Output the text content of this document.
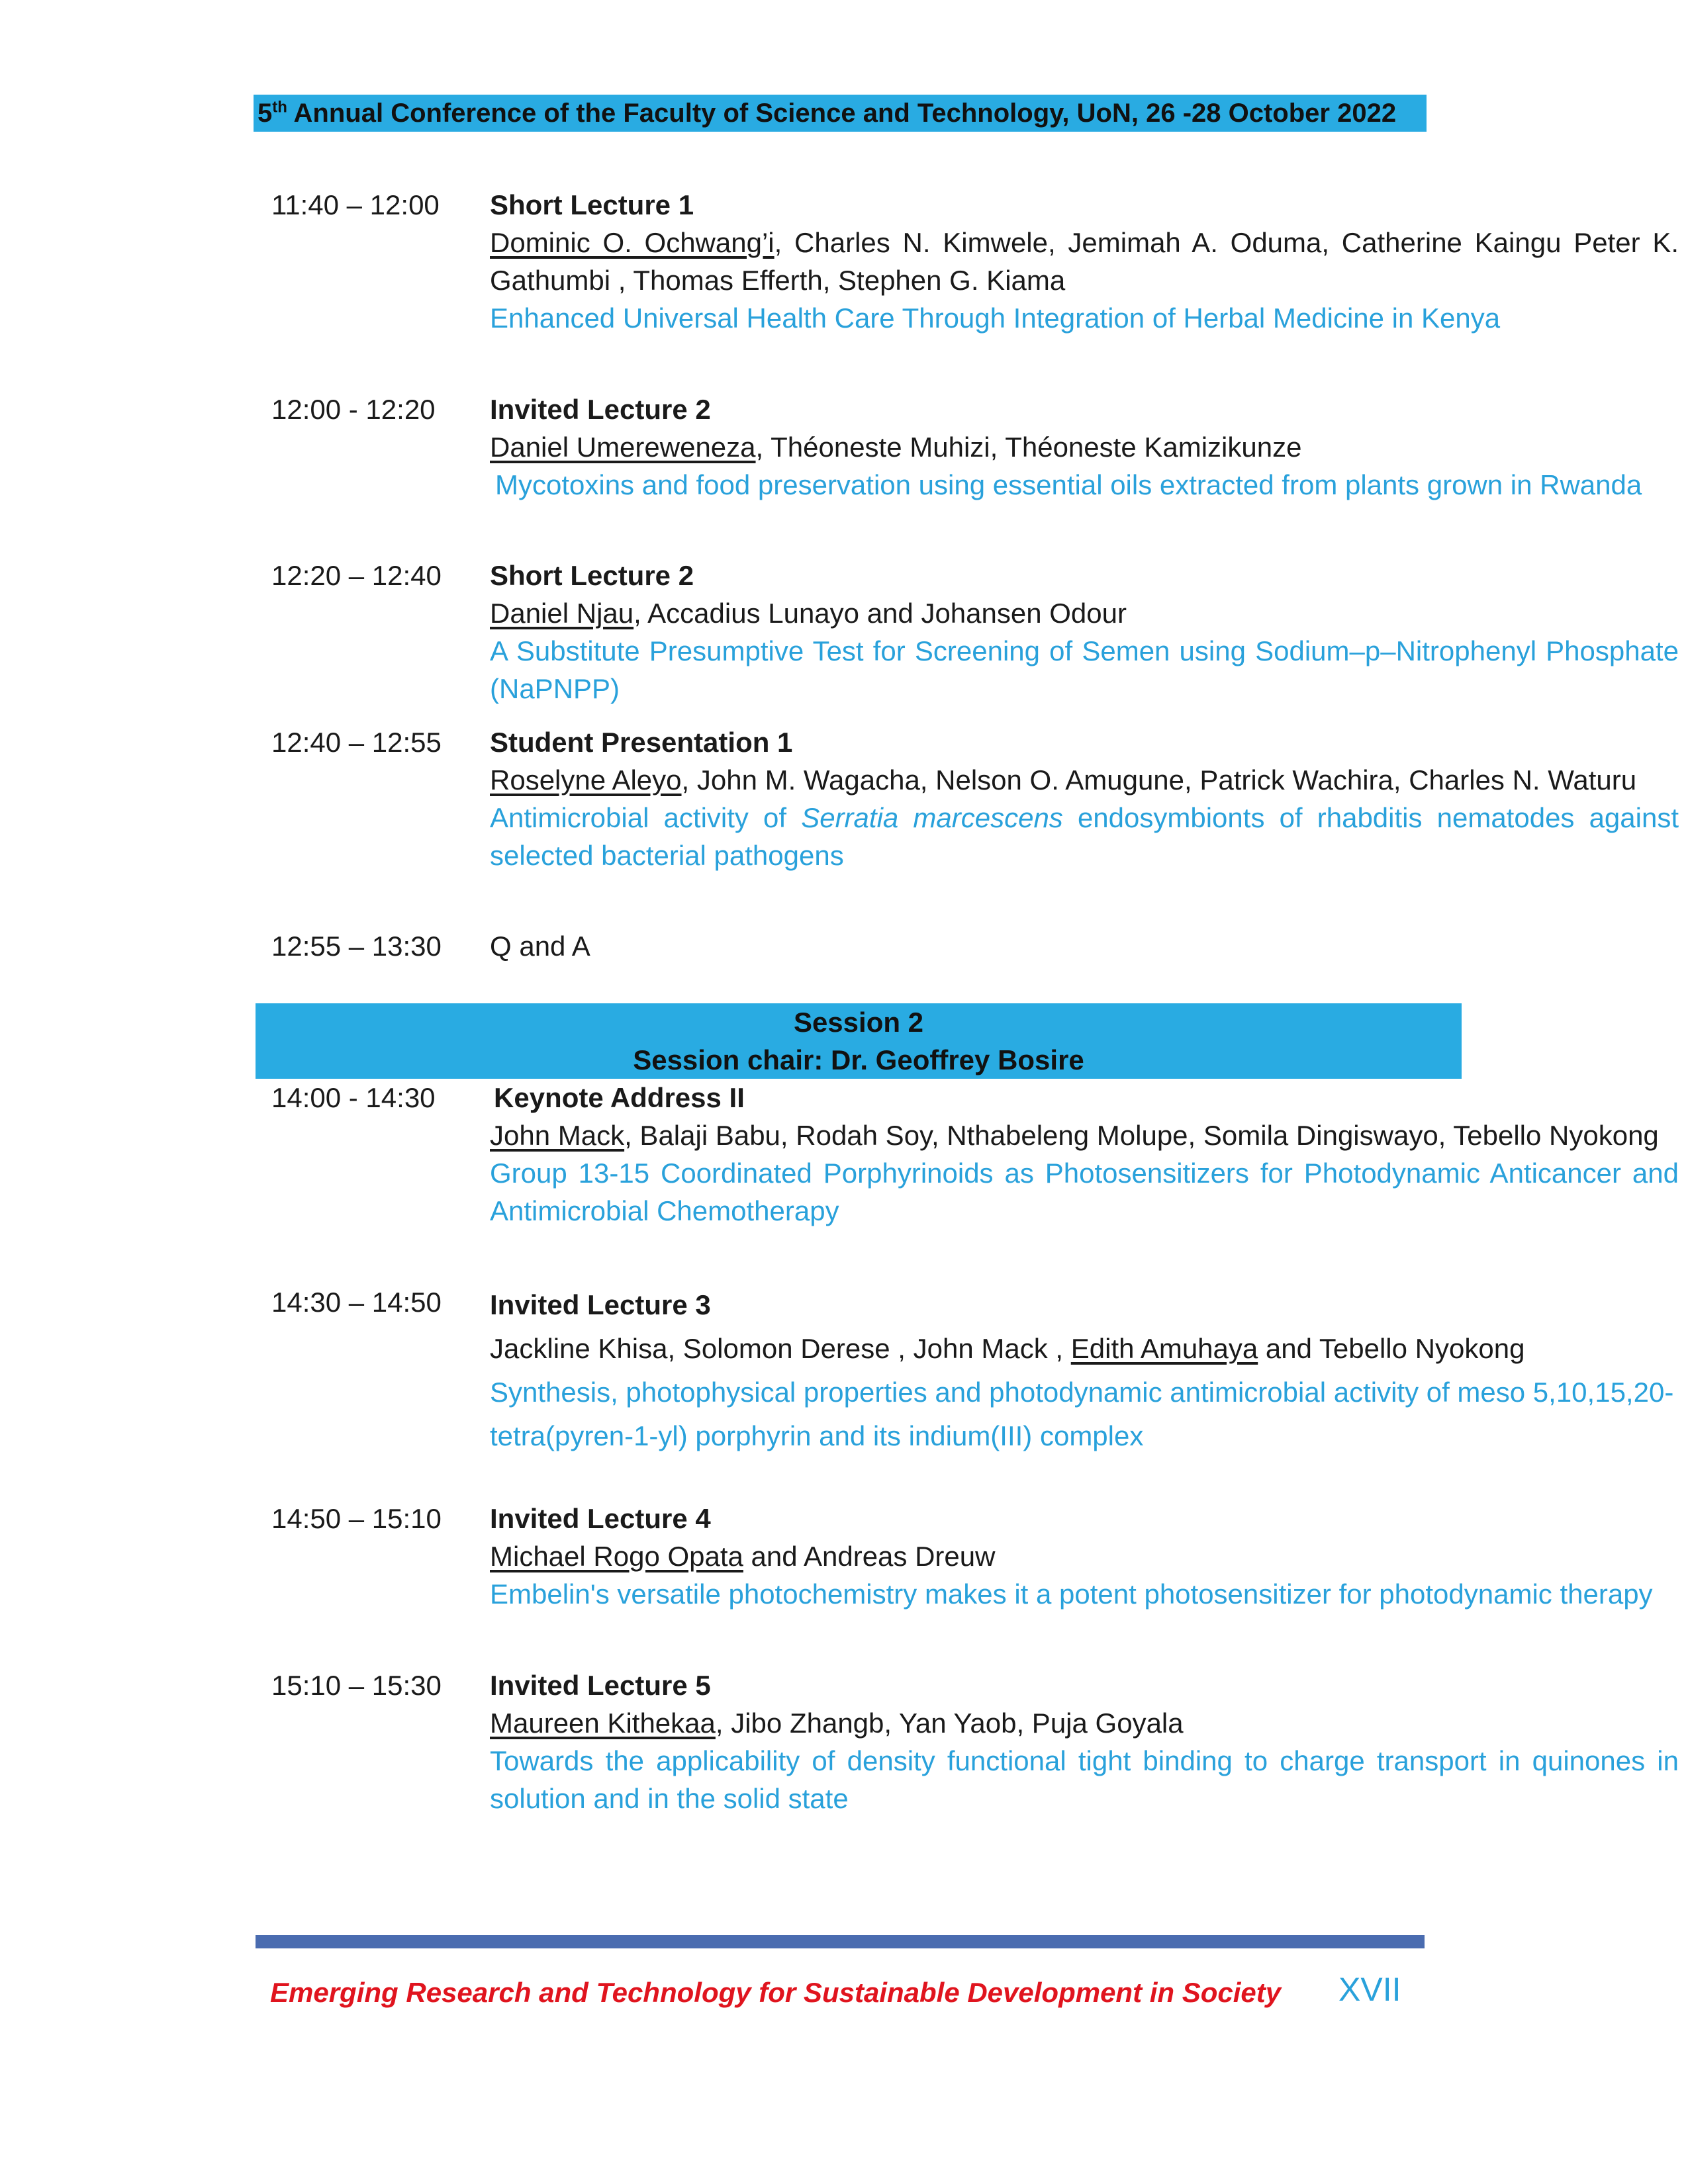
5th Annual Conference of the Faculty of Science and Technology, UoN, 26 -28 October 2022
11:40 – 12:00	Short Lecture 1
Dominic O. Ochwang’i, Charles N. Kimwele, Jemimah A. Oduma, Catherine Kaingu Peter K. Gathumbi , Thomas Efferth, Stephen G. Kiama
Enhanced Universal Health Care Through Integration of Herbal Medicine in Kenya
12:00 - 12:20	Invited Lecture 2
Daniel Umereweneza, Théoneste Muhizi, Théoneste Kamizikunze
Mycotoxins and food preservation using essential oils extracted from plants grown in Rwanda
12:20 – 12:40	Short Lecture 2
Daniel Njau, Accadius Lunayo and Johansen Odour
A Substitute Presumptive Test for Screening of Semen using Sodium–p–Nitrophenyl Phosphate (NaPNPP)
12:40 – 12:55	Student Presentation 1
Roselyne Aleyo, John M. Wagacha, Nelson O. Amugune, Patrick Wachira, Charles N. Waturu
Antimicrobial activity of Serratia marcescens endosymbionts of rhabditis nematodes against selected bacterial pathogens
12:55 – 13:30	Q and A
Session 2
Session chair: Dr. Geoffrey Bosire
14:00 - 14:30	Keynote Address II
John Mack, Balaji Babu, Rodah Soy, Nthabeleng Molupe, Somila Dingiswayo, Tebello Nyokong
Group 13-15 Coordinated Porphyrinoids as Photosensitizers for Photodynamic Anticancer and Antimicrobial Chemotherapy
14:30 – 14:50	Invited Lecture 3
Jackline Khisa, Solomon Derese , John Mack , Edith Amuhaya and Tebello Nyokong
Synthesis, photophysical properties and photodynamic antimicrobial activity of meso 5,10,15,20-tetra(pyren-1-yl) porphyrin and its indium(III) complex
14:50 – 15:10	Invited Lecture 4
Michael Rogo Opata and Andreas Dreuw
Embelin's versatile photochemistry makes it a potent photosensitizer for photodynamic therapy
15:10 – 15:30	Invited Lecture 5
Maureen Kithekaa, Jibo Zhangb, Yan Yaob, Puja Goyala
Towards the applicability of density functional tight binding to charge transport in quinones in solution and in the solid state
Emerging Research and Technology for Sustainable Development in Society XVII
